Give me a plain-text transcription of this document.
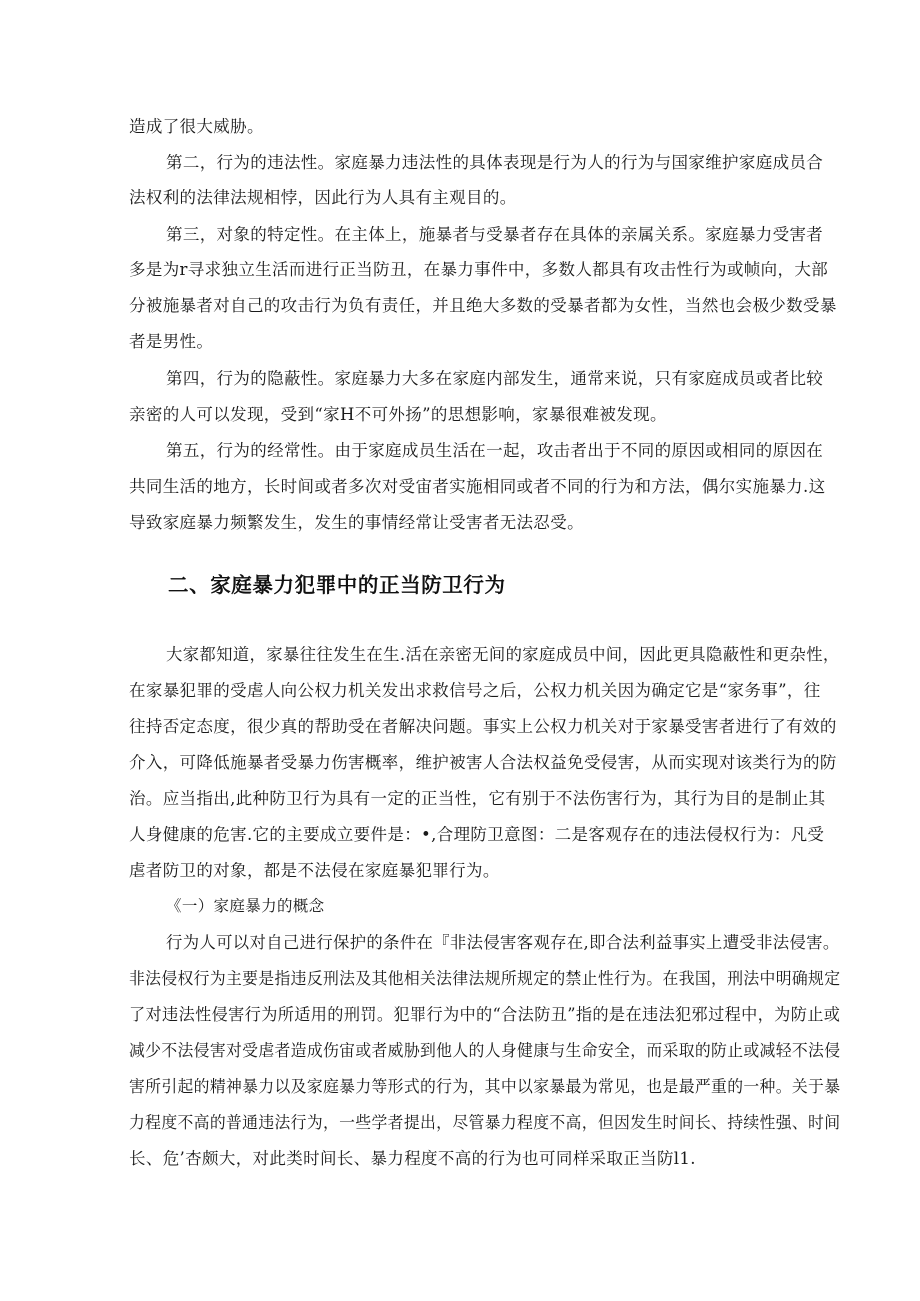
造成了很大威胁。
第二，行为的违法性。家庭暴力违法性的具体表现是行为人的行为与国家维护家庭成员合
法权利的法律法规相悖，因此行为人具有主观目的。
第三，对象的特定性。在主体上，施暴者与受暴者存在具体的亲属关系。家庭暴力受害者
多是为r寻求独立生活而进行正当防丑，在暴力事件中，多数人都具有攻击性行为或帧向，大部
分被施暴者对自己的攻击行为负有责任，并且绝大多数的受暴者都为女性，当然也会极少数受暴
者是男性。
第四，行为的隐蔽性。家庭暴力大多在家庭内部发生，通常来说，只有家庭成员或者比较
亲密的人可以发现，受到“家H不可外扬”的思想影响，家暴很难被发现。
第五，行为的经常性。由于家庭成员生活在一起，攻击者出于不同的原因或相同的原因在
共同生活的地方，长时间或者多次对受宙者实施相同或者不同的行为和方法，偶尔实施暴力.这
导致家庭暴力频繁发生，发生的事情经常让受害者无法忍受。
二、家庭暴力犯罪中的正当防卫行为
大家都知道，家暴往往发生在生.活在亲密无间的家庭成员中间，因此更具隐蔽性和更杂性，
在家暴犯罪的受虐人向公权力机关发出求救信号之后，公权力机关因为确定它是“家务事”，往
往持否定态度，很少真的帮助受在者解决问题。事实上公权力机关对于家暴受害者进行了有效的
介入，可降低施暴者受暴力伤害概率，维护被害人合法权益免受侵害，从而实现对该类行为的防
治。应当指出,此种防卫行为具有一定的正当性，它有别于不法伤害行为，其行为目的是制止其
人身健康的危害.它的主要成立要件是：•,合理防卫意图：二是客观存在的违法侵权行为：凡受
虐者防卫的对象，都是不法侵在家庭暴犯罪行为。
《一）家庭暴力的概念
行为人可以对自己进行保护的条件在『非法侵害客观存在,即合法利益事实上遭受非法侵害。
非法侵权行为主要是指违反刑法及其他相关法律法规所规定的禁止性行为。在我国，刑法中明确规定
了对违法性侵害行为所适用的刑罚。犯罪行为中的“合法防丑”指的是在违法犯邪过程中，为防止或
减少不法侵害对受虐者造成伤宙或者威胁到他人的人身健康与生命安全，而采取的防止或减轻不法侵
害所引起的精神暴力以及家庭暴力等形式的行为，其中以家暴最为常见，也是最严重的一种。关于暴
力程度不高的普通违法行为，一些学者提出，尽管暴力程度不高，但因发生时间长、持续性强、时间
长、危’杏颇大，对此类时间长、暴力程度不高的行为也可同样采取正当防l1.
